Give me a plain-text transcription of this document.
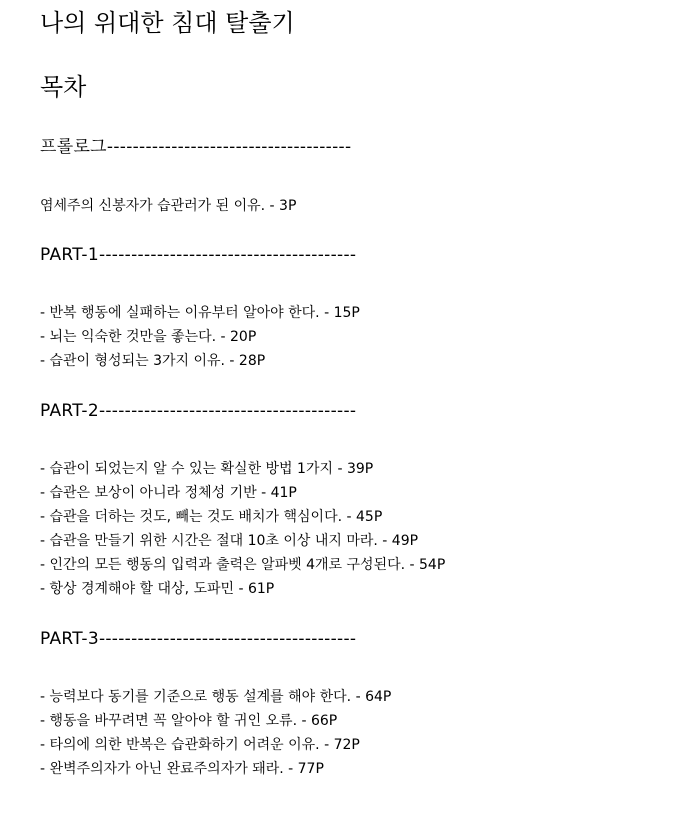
나의 위대한 침대 탈출기
목차
프롤로그--------------------------------------
염세주의 신봉자가 습관러가 된 이유. - 3P
PART-1----------------------------------------
- 반복 행동에 실패하는 이유부터 알아야 한다. - 15P
- 뇌는 익숙한 것만을 좋는다. - 20P
- 습관이 형성되는 3가지 이유. - 28P
PART-2----------------------------------------
- 습관이 되었는지 알 수 있는 확실한 방법 1가지 - 39P
- 습관은 보상이 아니라 정체성 기반 - 41P
- 습관을 더하는 것도, 빼는 것도 배치가 핵심이다. - 45P
- 습관을 만들기 위한 시간은 절대 10초 이상 내지 마라. - 49P
- 인간의 모든 행동의 입력과 출력은 알파벳 4개로 구성된다. - 54P
- 항상 경계해야 할 대상, 도파민 - 61P
PART-3----------------------------------------
- 능력보다 동기를 기준으로 행동 설계를 해야 한다. - 64P
- 행동을 바꾸려면 꼭 알아야 할 귀인 오류. - 66P
- 타의에 의한 반복은 습관화하기 어려운 이유. - 72P
- 완벽주의자가 아닌 완료주의자가 돼라. - 77P
